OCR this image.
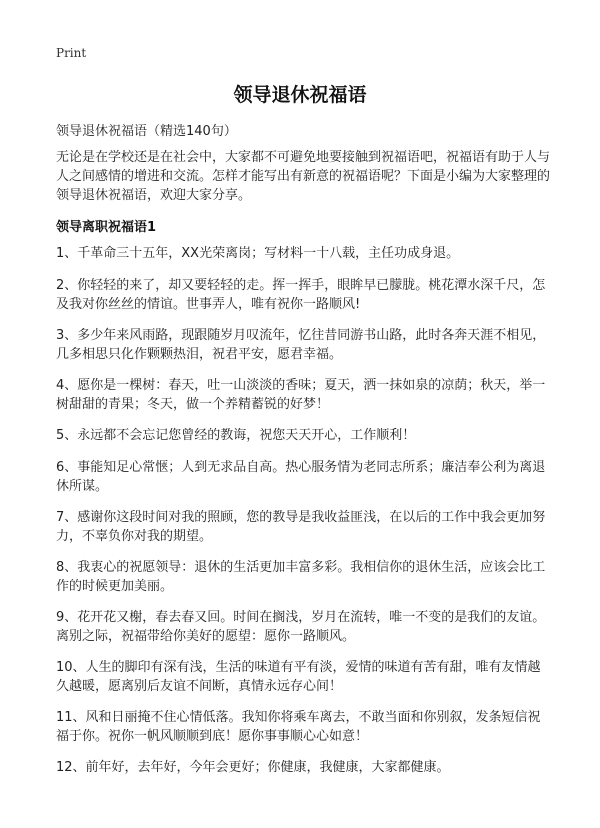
Print
领导退休祝福语
领导退休祝福语（精选140句）
无论是在学校还是在社会中，大家都不可避免地要接触到祝福语吧，祝福语有助于人与人之间感情的增进和交流。怎样才能写出有新意的祝福语呢？下面是小编为大家整理的领导退休祝福语，欢迎大家分享。
领导离职祝福语1
1、千革命三十五年，XX光荣离岗；写材料一十八载，主任功成身退。
2、你轻轻的来了，却又要轻轻的走。挥一挥手，眼眸早已朦胧。桃花潭水深千尺，怎及我对你丝丝的情谊。世事弄人，唯有祝你一路顺风!
3、多少年来风雨路，现跟随岁月叹流年，忆往昔同游书山路，此时各奔天涯不相见，几多相思只化作颗颗热泪，祝君平安，愿君幸福。
4、愿你是一棵树：春天，吐一山淡淡的香味；夏天，洒一抹如泉的凉荫；秋天，举一树甜甜的青果；冬天，做一个养精蓄锐的好梦！
5、永远都不会忘记您曾经的教诲，祝您天天开心，工作顺利！
6、事能知足心常惬；人到无求品自高。热心服务情为老同志所系；廉洁奉公利为离退休所谋。
7、感谢你这段时间对我的照顾，您的教导是我收益匪浅，在以后的工作中我会更加努力，不辜负你对我的期望。
8、我衷心的祝愿领导：退休的生活更加丰富多彩。我相信你的退休生活，应该会比工作的时候更加美丽。
9、花开花又榭，春去春又回。时间在搁浅，岁月在流转，唯一不变的是我们的友谊。离别之际，祝福带给你美好的愿望：愿你一路顺风。
10、人生的脚印有深有浅，生活的味道有平有淡，爱情的味道有苦有甜，唯有友情越久越暖，愿离别后友谊不间断，真情永远存心间！
11、风和日丽掩不住心情低落。我知你将乘车离去，不敢当面和你别叙，发条短信祝福于你。祝你一帆风顺顺到底！愿你事事顺心心如意！
12、前年好，去年好，今年会更好；你健康，我健康，大家都健康。
